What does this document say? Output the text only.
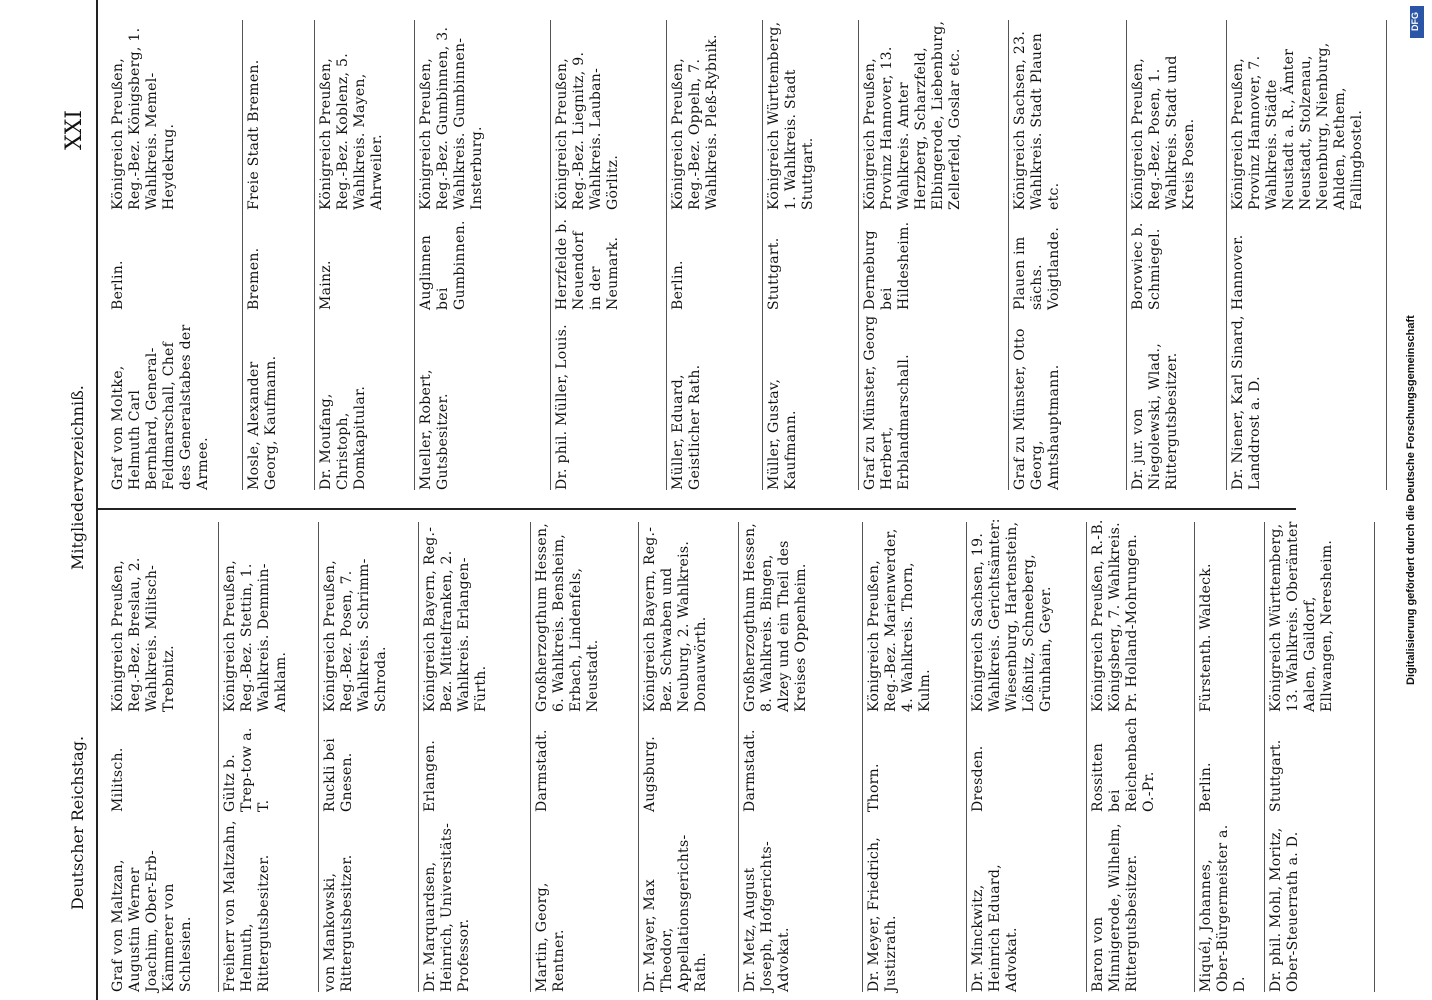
Deutscher Reichstag.
Mitgliederverzeichniß.
XXI
Graf von Maltzan, Augustin Werner Joachim, Ober-Erb-Kämmerer von Schlesien.
Militsch.
Königreich Preußen, Reg.-Bez. Breslau, 2. Wahlkreis. Militsch-Trebnitz.
Freiherr von Maltzahn, Helmuth, Rittergutsbesitzer.
Gültz b. Trep-tow a. T.
Königreich Preußen, Reg.-Bez. Stettin, 1. Wahlkreis. Demmin-Anklam.
von Mankowski, Rittergutsbesitzer.
Ruckli bei Gnesen.
Königreich Preußen, Reg.-Bez. Posen, 7. Wahlkreis. Schrimm-Schroda.
Dr. Marquardsen, Heinrich, Universitäts-Professor.
Erlangen.
Königreich Bayern, Reg.-Bez. Mittelfranken, 2. Wahlkreis. Erlangen-Fürth.
Martin, Georg, Rentner.
Darmstadt.
Großherzogthum Hessen, 6. Wahlkreis. Bensheim, Erbach, Lindenfels, Neustadt.
Dr. Mayer, Max Theodor, Appellationsgerichts-Rath.
Augsburg.
Königreich Bayern, Reg.-Bez. Schwaben und Neuburg, 2. Wahlkreis. Donauwörth.
Dr. Metz, August Joseph, Hofgerichts-Advokat.
Darmstadt.
Großherzogthum Hessen, 8. Wahlkreis. Bingen, Alzey und ein Theil des Kreises Oppenheim.
Dr. Meyer, Friedrich, Justizrath.
Thorn.
Königreich Preußen, Reg.-Bez. Marienwerder, 4. Wahlkreis. Thorn, Kulm.
Dr. Minckwitz, Heinrich Eduard, Advokat.
Dresden.
Königreich Sachsen, 19. Wahlkreis. Gerichtsämter: Wiesenburg, Hartenstein, Lößnitz, Schneeberg, Grünhain, Geyer.
Baron von Minnigerode, Wilhelm, Rittergutsbesitzer.
Rossitten bei Reichenbach O.-Pr.
Königreich Preußen, R.-B. Königsberg, 7. Wahlkreis. Pr. Holland-Mohrungen.
Miquél, Johannes, Ober-Bürgermeister a. D.
Berlin.
Fürstenth. Waldeck.
Dr. phil. Mohl, Moritz, Ober-Steuerrath a. D.
Stuttgart.
Königreich Württemberg, 13. Wahlkreis. Oberämter Aalen, Gaildorf, Ellwangen, Neresheim.
Graf von Moltke, Helmuth Carl Bernhard, General-Feldmarschall, Chef des Generalstabes der Armee.
Berlin.
Königreich Preußen, Reg.-Bez. Königsberg, 1. Wahlkreis. Memel-Heydekrug.
Mosle, Alexander Georg, Kaufmann.
Bremen.
Freie Stadt Bremen.
Dr. Moufang, Christoph, Domkapitular.
Mainz.
Königreich Preußen, Reg.-Bez. Koblenz, 5. Wahlkreis. Mayen, Ahrweiler.
Mueller, Robert, Gutsbesitzer.
Auglinnen bei Gumbinnen.
Königreich Preußen, Reg.-Bez. Gumbinnen, 3. Wahlkreis. Gumbinnen-Insterburg.
Dr. phil. Müller, Louis.
Herzfelde b. Neuendorf in der Neumark.
Königreich Preußen, Reg.-Bez. Liegnitz, 9. Wahlkreis. Lauban-Görlitz.
Müller, Eduard, Geistlicher Rath.
Berlin.
Königreich Preußen, Reg.-Bez. Oppeln, 7. Wahlkreis. Pleß-Rybnik.
Müller, Gustav, Kaufmann.
Stuttgart.
Königreich Württemberg, 1. Wahlkreis. Stadt Stuttgart.
Graf zu Münster, Georg Herbert, Erblandmarschall.
Derneburg bei Hildesheim.
Königreich Preußen, Provinz Hannover, 13. Wahlkreis. Amter Herzberg, Scharzfeld, Elbingerode, Liebenburg, Zellerfeld, Goslar etc.
Graf zu Münster, Otto Georg, Amtshauptmann.
Plauen im sächs. Voigtlande.
Königreich Sachsen, 23. Wahlkreis. Stadt Plauen etc.
Dr. jur. von Niegolewski, Wlad., Rittergutsbesitzer.
Borowiec b. Schmiegel.
Königreich Preußen, Reg.-Bez. Posen, 1. Wahlkreis. Stadt und Kreis Posen.
Dr. Niener, Karl Sinard, Landdrost a. D.
Hannover.
Königreich Preußen, Provinz Hannover, 7. Wahlkreis. Städte Neustadt a. R., Ämter Neustadt, Stolzenau, Neuenburg, Nienburg, Ahlden, Rethem, Fallingbostel.
Digitalisierung gefördert durch die Deutsche Forschungsgemeinschaft
DFG
